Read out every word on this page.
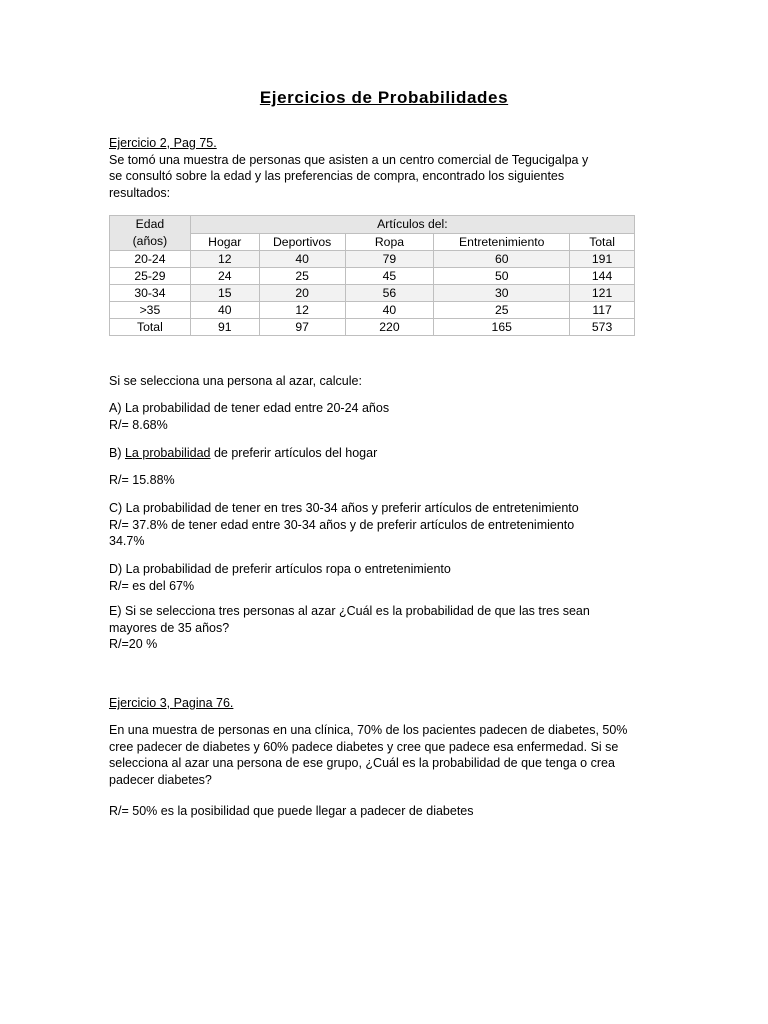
Ejercicios de Probabilidades
Ejercicio 2, Pag 75.
Se tomó una muestra de personas que asisten a un centro comercial de Tegucigalpa y
se consultó sobre la edad y las preferencias de compra, encontrado los siguientes
resultados:
Edad
(años)	Artículos del:				
	Hogar	Deportivos	Ropa	Entretenimiento	Total
20-24	12	40	79	60	191
25-29	24	25	45	50	144
30-34	15	20	56	30	121
>35	40	12	40	25	117
Total	91	97	220	165	573
Si se selecciona una persona al azar, calcule:
A) La probabilidad de tener edad entre 20-24 años
R/= 8.68%
B) La probabilidad de preferir artículos del hogar
R/= 15.88%
C) La probabilidad de tener en tres 30-34 años y preferir artículos de entretenimiento
R/= 37.8% de tener edad entre 30-34 años y de preferir artículos de entretenimiento
34.7%
D) La probabilidad de preferir artículos ropa o entretenimiento
R/= es del 67%
E) Si se selecciona tres personas al azar ¿Cuál es la probabilidad de que las tres sean
mayores de 35 años?
R/=20 %
Ejercicio 3, Pagina 76.
En una muestra de personas en una clínica, 70% de los pacientes padecen de diabetes, 50%
cree padecer de diabetes y 60% padece diabetes y cree que padece esa enfermedad. Si se
selecciona al azar una persona de ese grupo, ¿Cuál es la probabilidad de que tenga o crea
padecer diabetes?
R/= 50% es la posibilidad que puede llegar a padecer de diabetes
